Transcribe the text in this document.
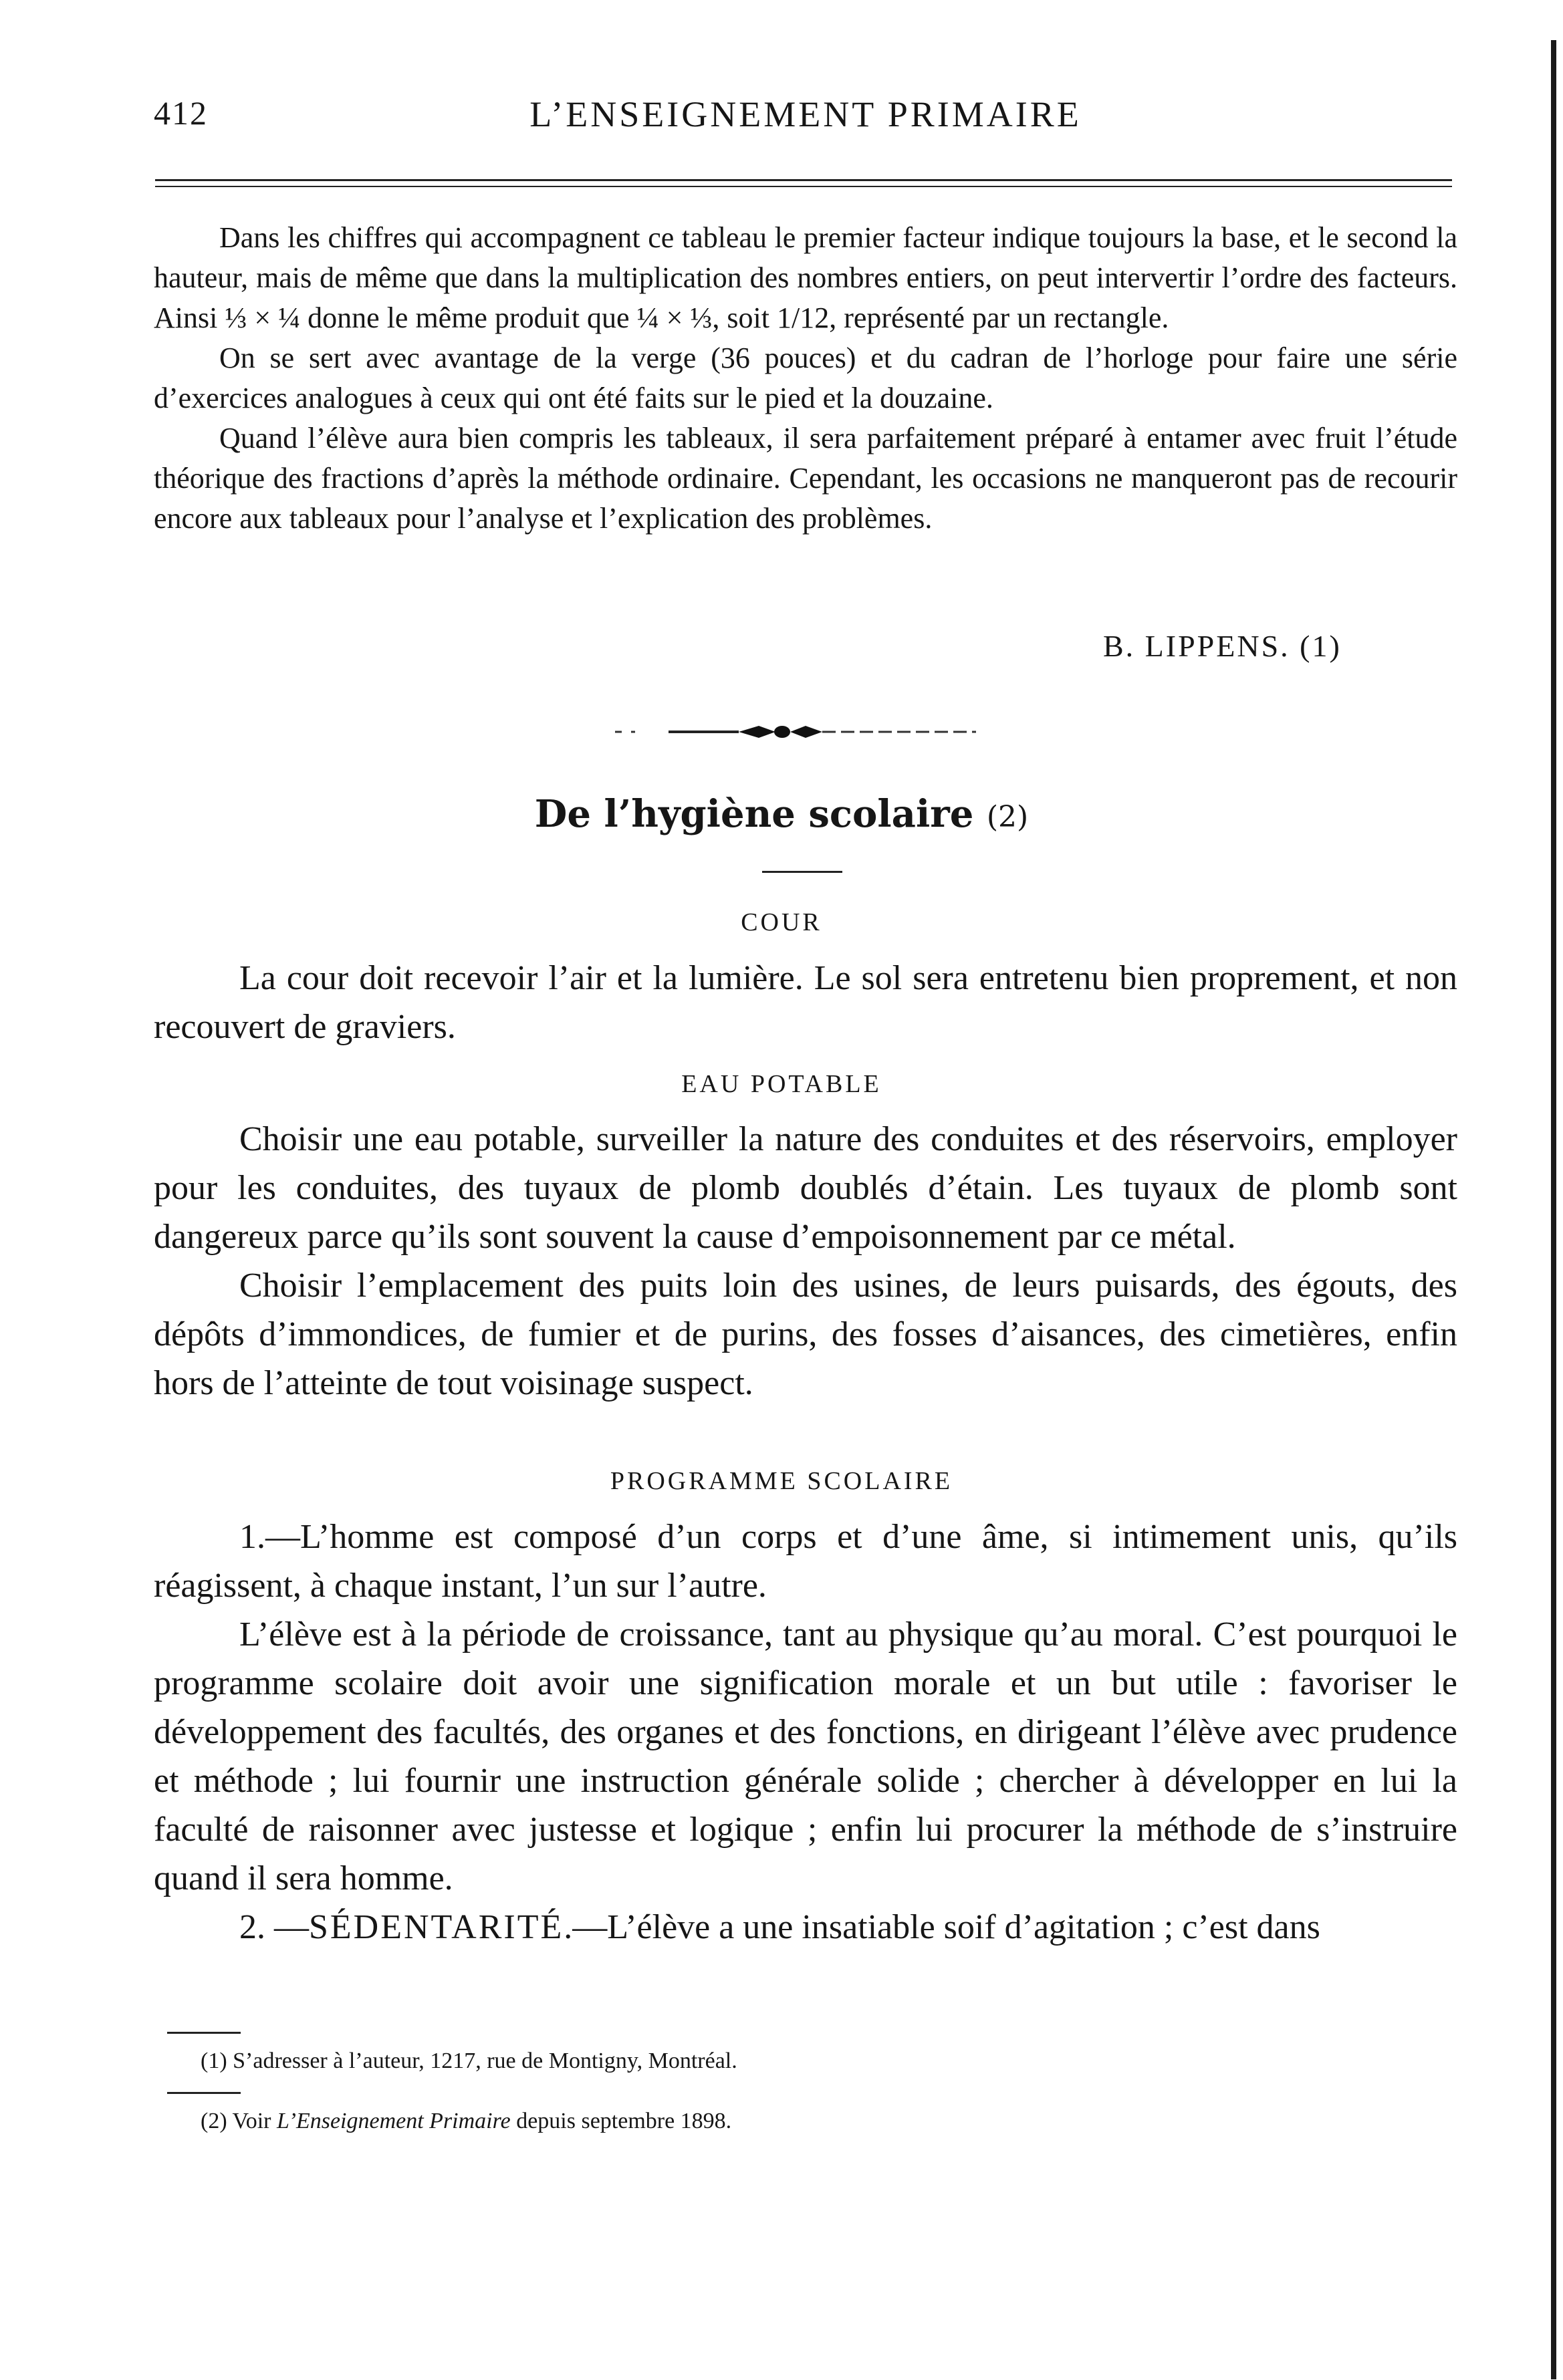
412	L’ENSEIGNEMENT PRIMAIRE

Dans les chiffres qui accompagnent ce tableau le premier facteur indique toujours la base, et le second la hauteur, mais de même que dans la multiplication des nombres entiers, on peut intervertir l’ordre des facteurs. Ainsi ⅓ × ¼ donne le même produit que ¼ × ⅓, soit 1/12, représenté par un rectangle.

On se sert avec avantage de la verge (36 pouces) et du cadran de l’horloge pour faire une série d’exercices analogues à ceux qui ont été faits sur le pied et la douzaine.

Quand l’élève aura bien compris les tableaux, il sera parfaitement préparé à entamer avec fruit l’étude théorique des fractions d’après la méthode ordinaire. Cependant, les occasions ne manqueront pas de recourir encore aux tableaux pour l’analyse et l’explication des problèmes.

B. LIPPENS. (1)
De l’hygiène scolaire (2)
COUR

La cour doit recevoir l’air et la lumière. Le sol sera entretenu bien proprement, et non recouvert de graviers.

EAU POTABLE

Choisir une eau potable, surveiller la nature des conduites et des réservoirs, employer pour les conduites, des tuyaux de plomb doublés d’étain. Les tuyaux de plomb sont dangereux parce qu’ils sont souvent la cause d’empoisonnement par ce métal.

Choisir l’emplacement des puits loin des usines, de leurs puisards, des égouts, des dépôts d’immondices, de fumier et de purins, des fosses d’aisances, des cimetières, enfin hors de l’atteinte de tout voisinage suspect.

PROGRAMME SCOLAIRE

1.—L’homme est composé d’un corps et d’une âme, si intimement unis, qu’ils réagissent, à chaque instant, l’un sur l’autre.

L’élève est à la période de croissance, tant au physique qu’au moral. C’est pourquoi le programme scolaire doit avoir une signification morale et un but utile : favoriser le développement des facultés, des organes et des fonctions, en dirigeant l’élève avec prudence et méthode ; lui fournir une instruction générale solide ; chercher à développer en lui la faculté de raisonner avec justesse et logique ; enfin lui procurer la méthode de s’instruire quand il sera homme.

2. —SÉDENTARITÉ.—L’élève a une insatiable soif d’agitation ; c’est dans

(1) S’adresser à l’auteur, 1217, rue de Montigny, Montréal.
(2) Voir L’Enseignement Primaire depuis septembre 1898.
